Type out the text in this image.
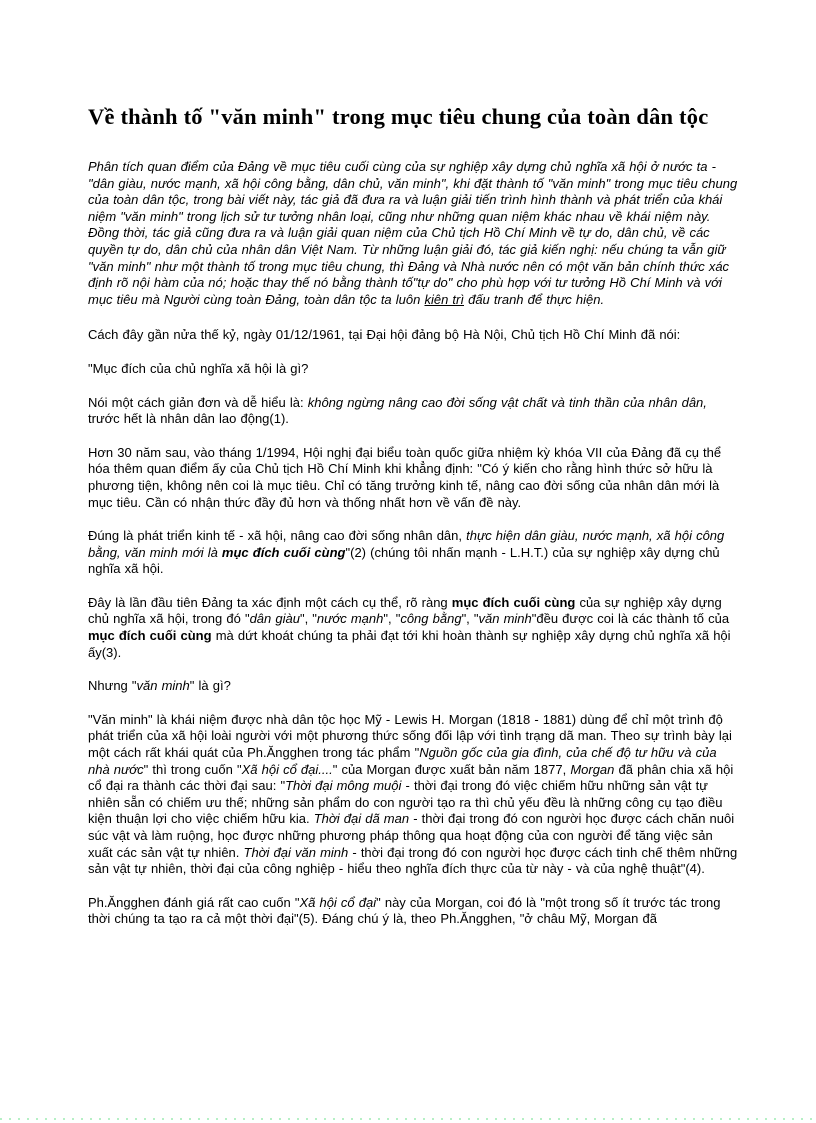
Về thành tố "văn minh" trong mục tiêu chung của toàn dân tộc

Phân tích quan điểm của Đảng về mục tiêu cuối cùng của sự nghiệp xây dựng chủ nghĩa xã hội ở nước ta - "dân giàu, nước mạnh, xã hội công bằng, dân chủ, văn minh", khi đặt thành tố "văn minh" trong mục tiêu chung của toàn dân tộc, trong bài viết này, tác giả đã đưa ra và luận giải tiến trình hình thành và phát triển của khái niệm "văn minh" trong lịch sử tư tưởng nhân loại, cũng như những quan niệm khác nhau về khái niệm này. Đồng thời, tác giả cũng đưa ra và luận giải quan niệm của Chủ tịch Hồ Chí Minh về tự do, dân chủ, về các quyền tự do, dân chủ của nhân dân Việt Nam. Từ những luận giải đó, tác giả kiến nghị: nếu chúng ta vẫn giữ "văn minh" như một thành tố trong mục tiêu chung, thì Đảng và Nhà nước nên có một văn bản chính thức xác định rõ nội hàm của nó; hoặc thay thế nó bằng thành tố"tự do" cho phù hợp với tư tưởng Hồ Chí Minh và với mục tiêu mà Người cùng toàn Đảng, toàn dân tộc ta luôn kiên trì đấu tranh để thực hiện.

Cách đây gần nửa thế kỷ, ngày 01/12/1961, tại Đại hội đảng bộ Hà Nội, Chủ tịch Hồ Chí Minh đã nói:

"Mục đích của chủ nghĩa xã hội là gì?

Nói một cách giản đơn và dễ hiểu là: không ngừng nâng cao đời sống vật chất và tinh thần của nhân dân, trước hết là nhân dân lao động(1).

Hơn 30 năm sau, vào tháng 1/1994, Hội nghị đại biểu toàn quốc giữa nhiệm kỳ khóa VII của Đảng đã cụ thể hóa thêm quan điểm ấy của Chủ tịch Hồ Chí Minh khi khẳng định: "Có ý kiến cho rằng hình thức sở hữu là phương tiện, không nên coi là mục tiêu. Chỉ có tăng trưởng kinh tế, nâng cao đời sống của nhân dân mới là mục tiêu. Cần có nhận thức đầy đủ hơn và thống nhất hơn về vấn đề này.

Đúng là phát triển kinh tế - xã hội, nâng cao đời sống nhân dân, thực hiện dân giàu, nước mạnh, xã hội công bằng, văn minh mới là mục đích cuối cùng"(2) (chúng tôi nhấn mạnh - L.H.T.) của sự nghiệp xây dựng chủ nghĩa xã hội.

Đây là lần đầu tiên Đảng ta xác định một cách cụ thể, rõ ràng mục đích cuối cùng của sự nghiệp xây dựng chủ nghĩa xã hội, trong đó "dân giàu", "nước mạnh", "công bằng", "văn minh"đều được coi là các thành tố của mục đích cuối cùng mà dứt khoát chúng ta phải đạt tới khi hoàn thành sự nghiệp xây dựng chủ nghĩa xã hội ấy(3).

Nhưng "văn minh" là gì?

"Văn minh" là khái niệm được nhà dân tộc học Mỹ - Lewis H. Morgan (1818 - 1881) dùng để chỉ một trình độ phát triển của xã hội loài người với một phương thức sống đối lập với tình trạng dã man. Theo sự trình bày lại một cách rất khái quát của Ph.Ăngghen trong tác phẩm "Nguồn gốc của gia đình, của chế độ tư hữu và của nhà nước" thì trong cuốn "Xã hội cổ đại...." của Morgan được xuất bản năm 1877, Morgan đã phân chia xã hội cổ đại ra thành các thời đại sau: "Thời đại mông muội - thời đại trong đó việc chiếm hữu những sản vật tự nhiên sẵn có chiếm ưu thế; những sản phẩm do con người tạo ra thì chủ yếu đều là những công cụ tạo điều kiện thuận lợi cho việc chiếm hữu kia. Thời đại dã man - thời đại trong đó con người học được cách chăn nuôi súc vật và làm ruộng, học được những phương pháp thông qua hoạt động của con người để tăng việc sản xuất các sản vật tự nhiên. Thời đại văn minh - thời đại trong đó con người học được cách tinh chế thêm những sản vật tự nhiên, thời đại của công nghiệp - hiểu theo nghĩa đích thực của từ này - và của nghệ thuật"(4).

Ph.Ăngghen đánh giá rất cao cuốn "Xã hội cổ đại" này của Morgan, coi đó là "một trong số ít trước tác trong thời chúng ta tạo ra cả một thời đại"(5). Đáng chú ý là, theo Ph.Ăngghen, "ở châu Mỹ, Morgan đã
